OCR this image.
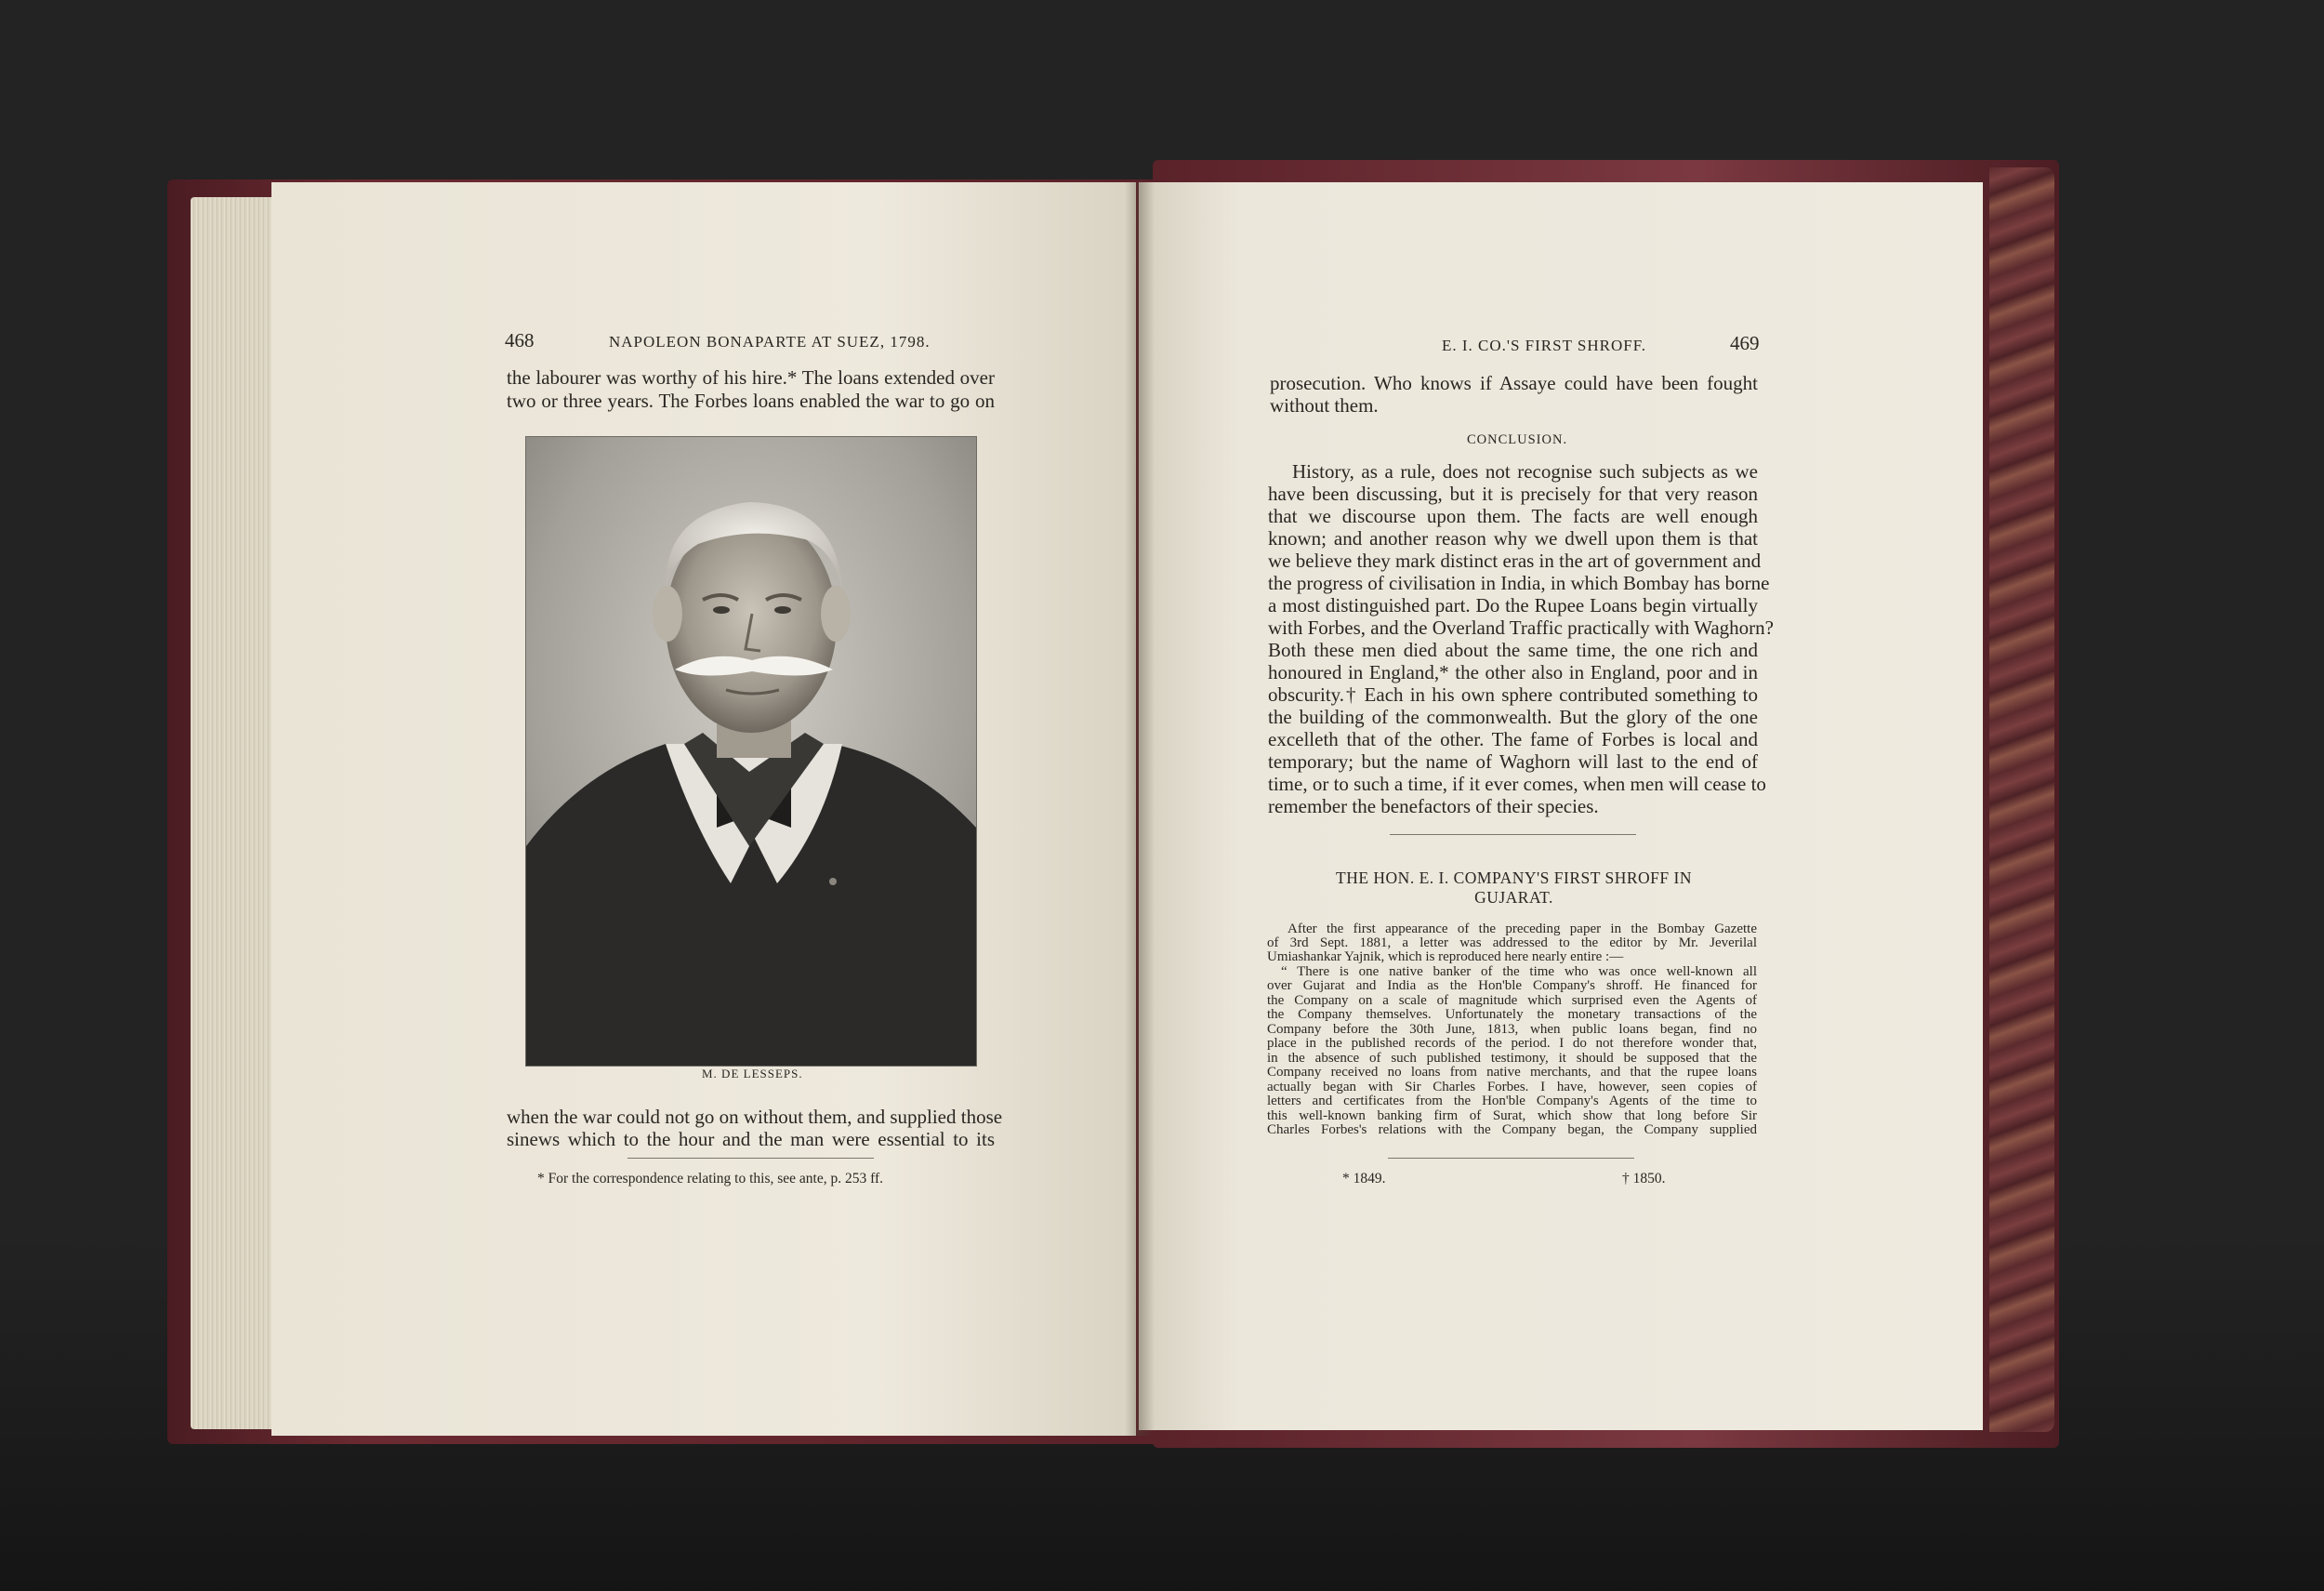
468	NAPOLEON BONAPARTE AT SUEZ, 1798.
the labourer was worthy of his hire.* The loans extended over
two or three years. The Forbes loans enabled the war to go on
M. DE LESSEPS.
when the war could not go on without them, and supplied those
sinews which to the hour and the man were essential to its
* For the correspondence relating to this, see ante, p. 253 ff.
E. I. CO.'S FIRST SHROFF.	469
prosecution. Who knows if Assaye could have been fought
without them.
CONCLUSION.
History, as a rule, does not recognise such subjects as we
have been discussing, but it is precisely for that very reason
that we discourse upon them. The facts are well enough
known; and another reason why we dwell upon them is that
we believe they mark distinct eras in the art of government and
the progress of civilisation in India, in which Bombay has borne
a most distinguished part. Do the Rupee Loans begin virtually
with Forbes, and the Overland Traffic practically with Waghorn?
Both these men died about the same time, the one rich and
honoured in England,* the other also in England, poor and in
obscurity.† Each in his own sphere contributed something to
the building of the commonwealth. But the glory of the one
excelleth that of the other. The fame of Forbes is local and
temporary; but the name of Waghorn will last to the end of
time, or to such a time, if it ever comes, when men will cease to
remember the benefactors of their species.
THE HON. E. I. COMPANY'S FIRST SHROFF IN
GUJARAT.
After the first appearance of the preceding paper in the Bombay Gazette
of 3rd Sept. 1881, a letter was addressed to the editor by Mr. Jeverilal
Umiashankar Yajnik, which is reproduced here nearly entire :—
“ There is one native banker of the time who was once well-known all
over Gujarat and India as the Hon'ble Company's shroff. He financed for
the Company on a scale of magnitude which surprised even the Agents of
the Company themselves. Unfortunately the monetary transactions of the
Company before the 30th June, 1813, when public loans began, find no
place in the published records of the period. I do not therefore wonder that,
in the absence of such published testimony, it should be supposed that the
Company received no loans from native merchants, and that the rupee loans
actually began with Sir Charles Forbes. I have, however, seen copies of
letters and certificates from the Hon'ble Company's Agents of the time to
this well-known banking firm of Surat, which show that long before Sir
Charles Forbes's relations with the Company began, the Company supplied
* 1849.	† 1850.
